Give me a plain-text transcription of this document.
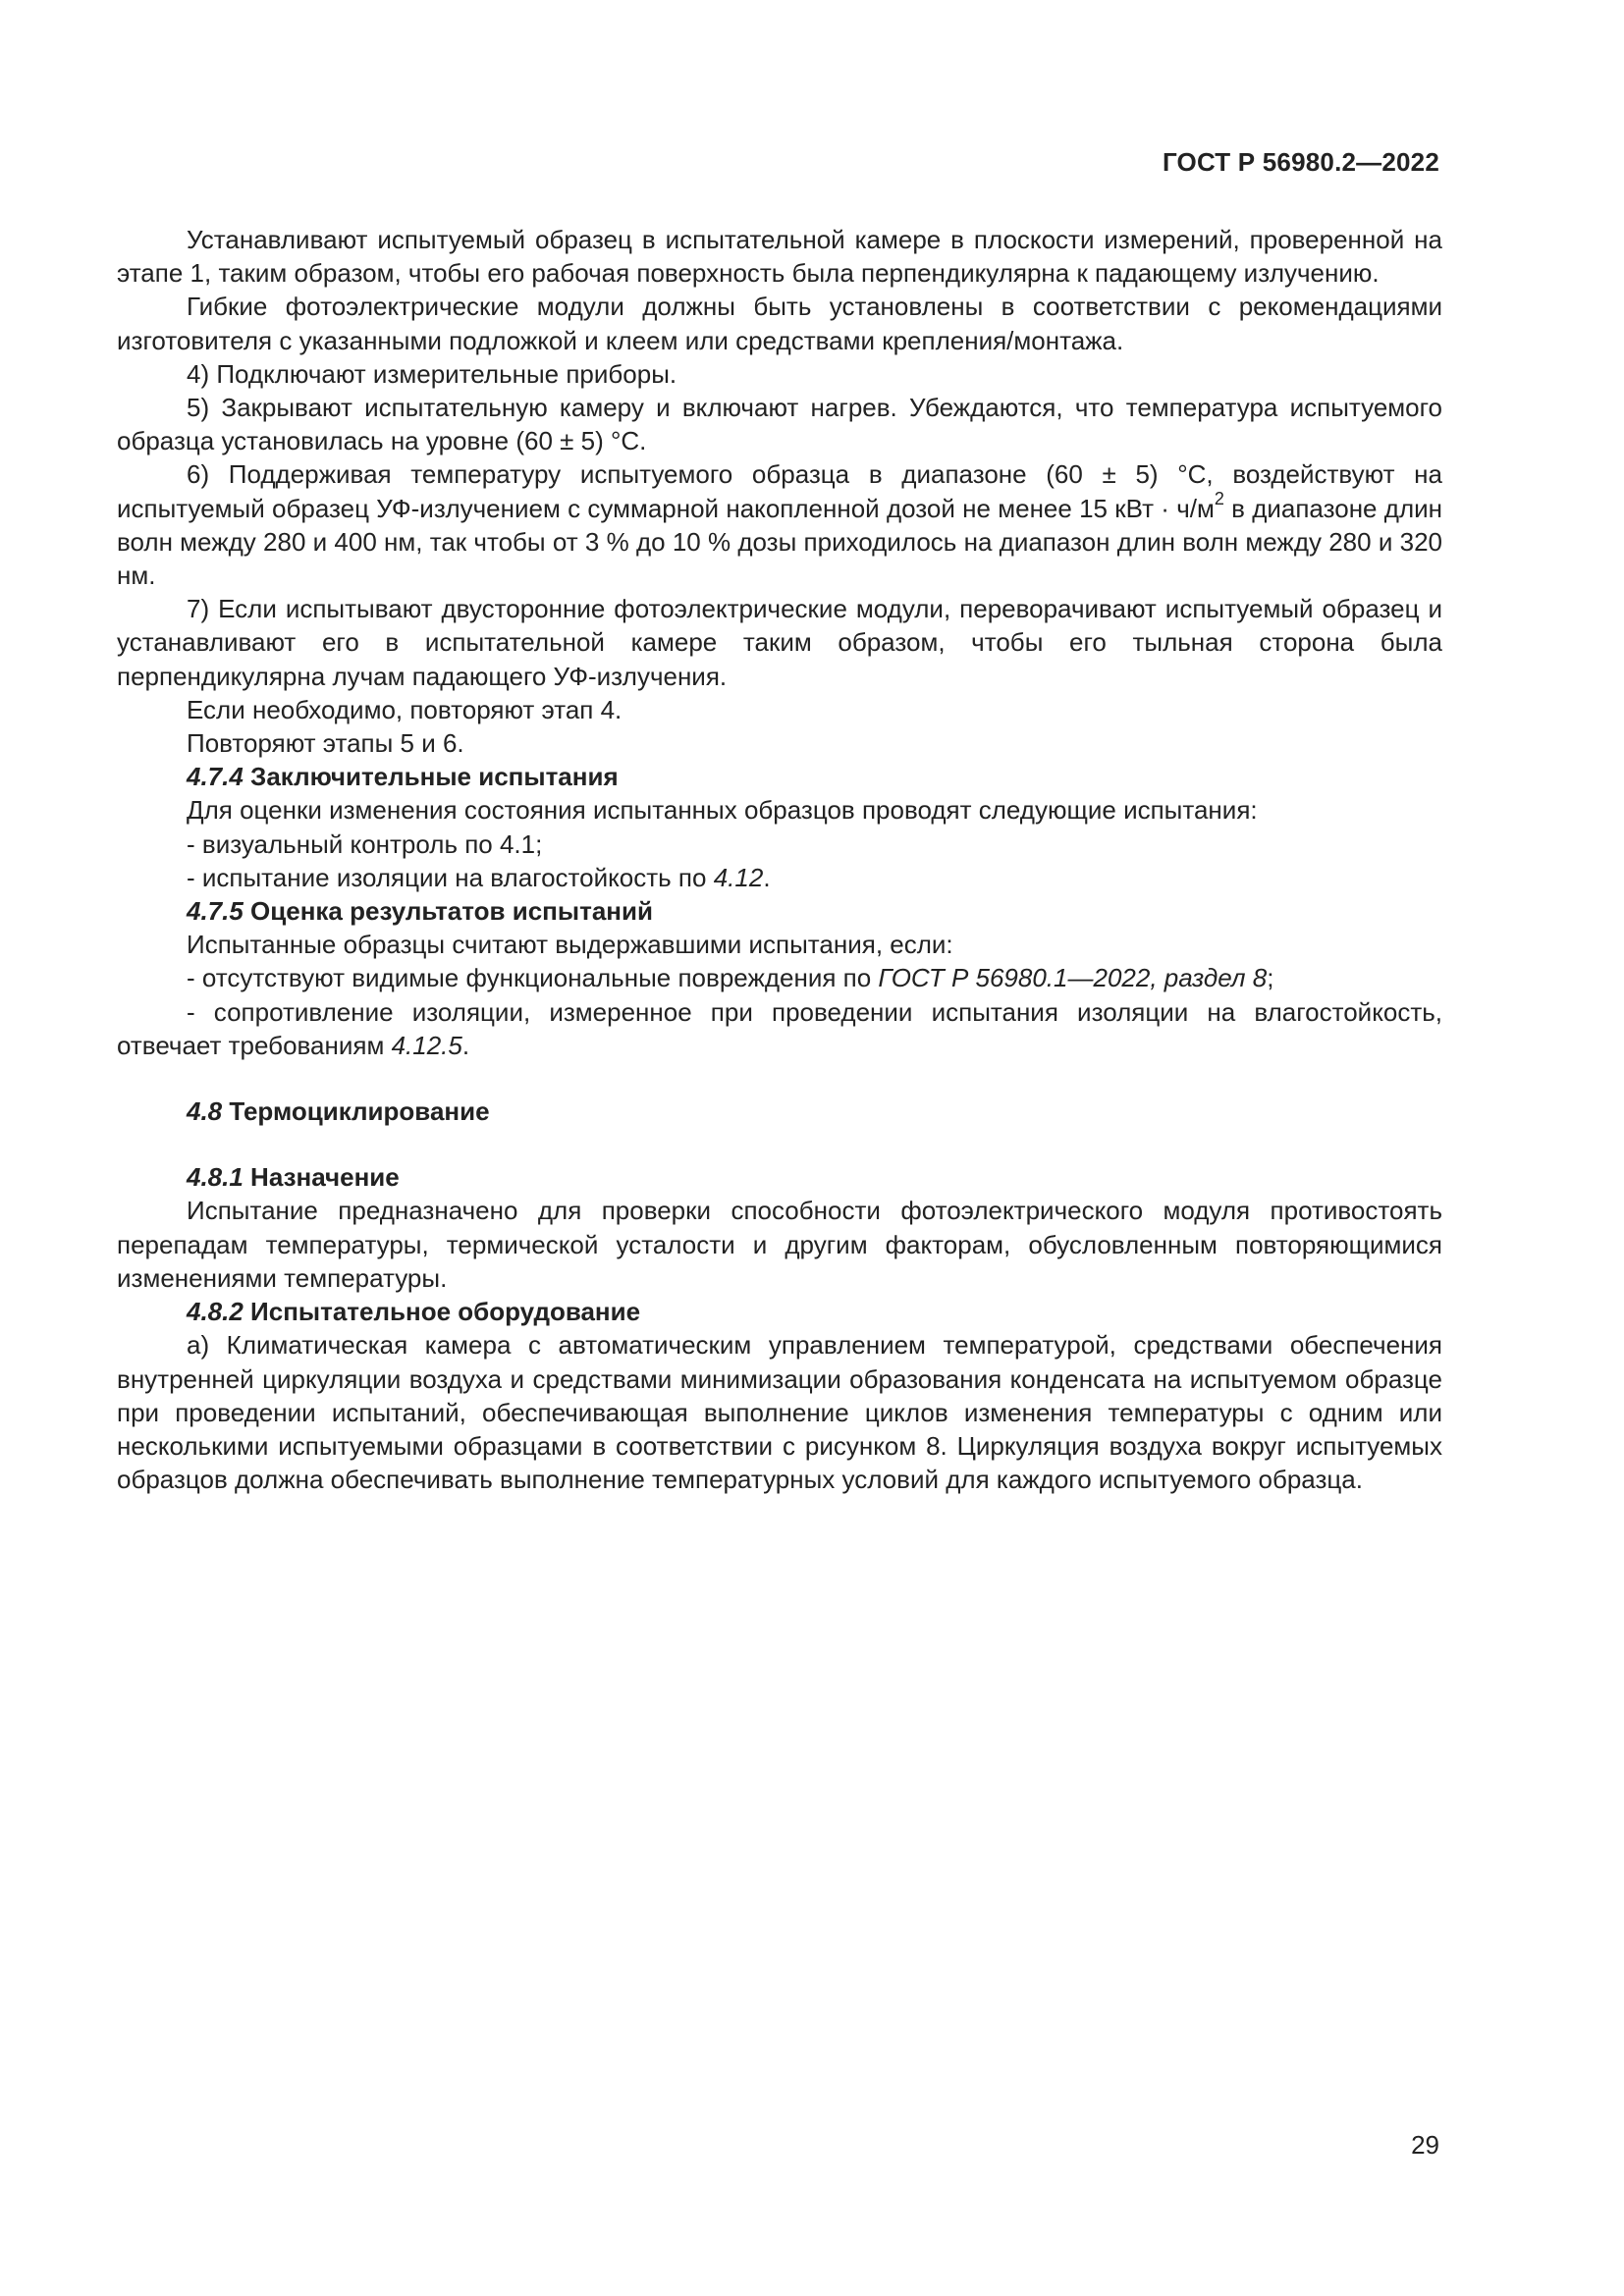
ГОСТ Р 56980.2—2022

Устанавливают испытуемый образец в испытательной камере в плоскости измерений, проверенной на этапе 1, таким образом, чтобы его рабочая поверхность была перпендикулярна к падающему излучению.

Гибкие фотоэлектрические модули должны быть установлены в соответствии с рекомендациями изготовителя с указанными подложкой и клеем или средствами крепления/монтажа.

4) Подключают измерительные приборы.

5) Закрывают испытательную камеру и включают нагрев. Убеждаются, что температура испытуемого образца установилась на уровне (60 ± 5) °С.

6) Поддерживая температуру испытуемого образца в диапазоне (60 ± 5) °С, воздействуют на испытуемый образец УФ-излучением с суммарной накопленной дозой не менее 15 кВт · $ч/м^2$ в диапазоне длин волн между 280 и 400 нм, так чтобы от 3 % до 10 % дозы приходилось на диапазон длин волн между 280 и 320 нм.

7) Если испытывают двусторонние фотоэлектрические модули, переворачивают испытуемый образец и устанавливают его в испытательной камере таким образом, чтобы его тыльная сторона была перпендикулярна лучам падающего УФ-излучения.

Если необходимо, повторяют этап 4.

Повторяют этапы 5 и 6.

4.7.4 Заключительные испытания

Для оценки изменения состояния испытанных образцов проводят следующие испытания:

- визуальный контроль по 4.1;

- испытание изоляции на влагостойкость по 4.12.

4.7.5 Оценка результатов испытаний

Испытанные образцы считают выдержавшими испытания, если:

- отсутствуют видимые функциональные повреждения по ГОСТ Р 56980.1—2022, раздел 8;

- сопротивление изоляции, измеренное при проведении испытания изоляции на влагостойкость, отвечает требованиям 4.12.5.

4.8 Термоциклирование

4.8.1 Назначение

Испытание предназначено для проверки способности фотоэлектрического модуля противостоять перепадам температуры, термической усталости и другим факторам, обусловленным повторяющимися изменениями температуры.

4.8.2 Испытательное оборудование

а) Климатическая камера с автоматическим управлением температурой, средствами обеспечения внутренней циркуляции воздуха и средствами минимизации образования конденсата на испытуемом образце при проведении испытаний, обеспечивающая выполнение циклов изменения температуры с одним или несколькими испытуемыми образцами в соответствии с рисунком 8. Циркуляция воздуха вокруг испытуемых образцов должна обеспечивать выполнение температурных условий для каждого испытуемого образца.

29
